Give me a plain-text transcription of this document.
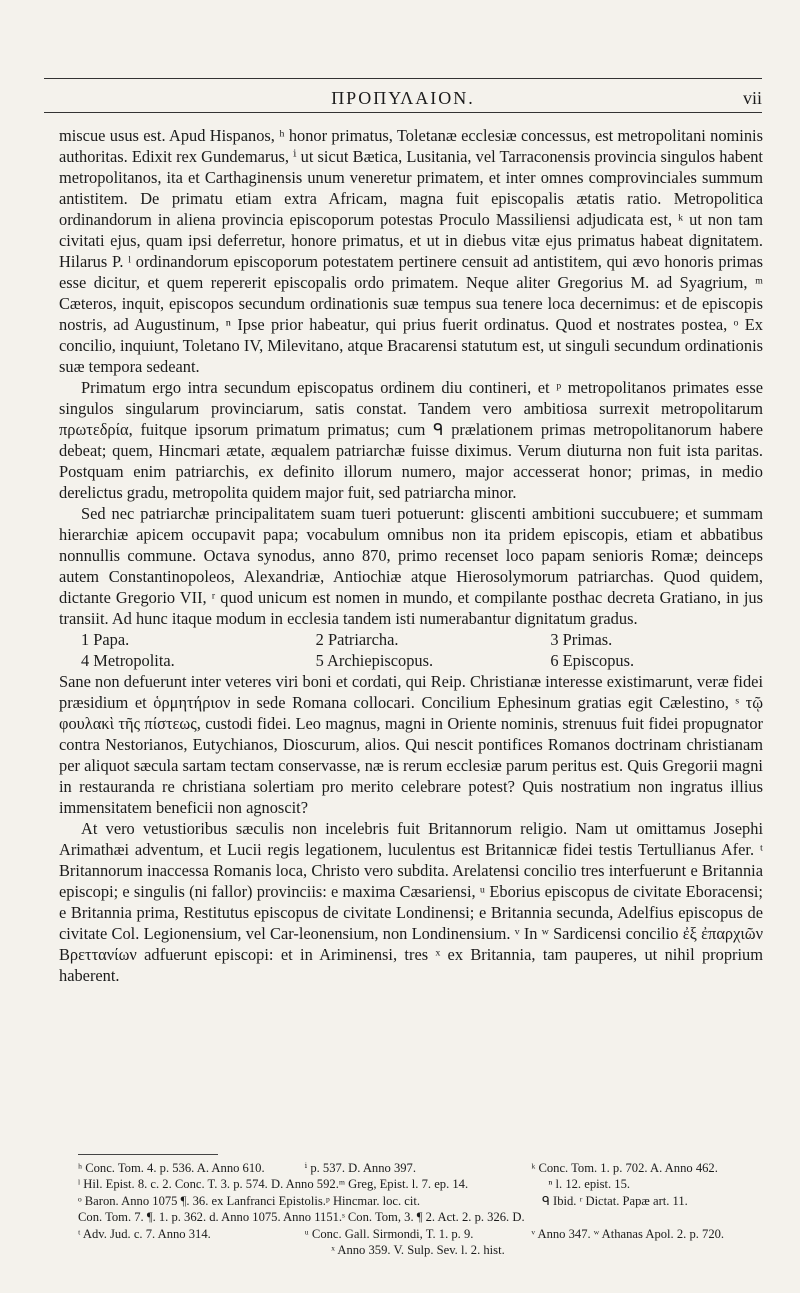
ΠΡΟΠΥΛΑΙΟΝ.	vii

miscue usus est. Apud Hispanos, ʰ honor primatus, Toletanæ ecclesiæ concessus, est metropolitani nominis authoritas. Edixit rex Gundemarus, ⁱ ut sicut Bætica, Lusitania, vel Tarraconensis provincia singulos habent metropolitanos, ita et Carthaginensis unum veneretur primatem, et inter omnes comprovinciales summum antistitem. De primatu etiam extra Africam, magna fuit episcopalis ætatis ratio. Metropolitica ordinandorum in aliena provincia episcoporum potestas Proculo Massiliensi adjudicata est, ᵏ ut non tam civitati ejus, quam ipsi deferretur, honore primatus, et ut in diebus vitæ ejus primatus habeat dignitatem. Hilarus P. ˡ ordinandorum episcoporum potestatem pertinere censuit ad antistitem, qui ævo honoris primas esse dicitur, et quem repererit episcopalis ordo primatem. Neque aliter Gregorius M. ad Syagrium, ᵐ Cæteros, inquit, episcopos secundum ordinationis suæ tempus sua tenere loca decernimus: et de episcopis nostris, ad Augustinum, ⁿ Ipse prior habeatur, qui prius fuerit ordinatus. Quod et nostrates postea, ᵒ Ex concilio, inquiunt, Toletano IV, Milevitano, atque Bracarensi statutum est, ut singuli secundum ordinationis suæ tempora sedeant.

Primatum ergo intra secundum episcopatus ordinem diu contineri, et ᵖ metropolitanos primates esse singulos singularum provinciarum, satis constat. Tandem vero ambitiosa surrexit metropolitarum πρωτεδρία, fuitque ipsorum primatum primatus; cum ᑫ prælationem primas metropolitanorum habere debeat; quem, Hincmari ætate, æqualem patriarchæ fuisse diximus. Verum diuturna non fuit ista paritas. Postquam enim patriarchis, ex definito illorum numero, major accesserat honor; primas, in medio derelictus gradu, metropolita quidem major fuit, sed patriarcha minor.

Sed nec patriarchæ principalitatem suam tueri potuerunt: gliscenti ambitioni succubuere; et summam hierarchiæ apicem occupavit papa; vocabulum omnibus non ita pridem episcopis, etiam et abbatibus nonnullis commune. Octava synodus, anno 870, primo recenset loco papam senioris Romæ; deinceps autem Constantinopoleos, Alexandriæ, Antiochiæ atque Hierosolymorum patriarchas. Quod quidem, dictante Gregorio VII, ʳ quod unicum est nomen in mundo, et compilante posthac decreta Gratiano, in jus transiit. Ad hunc itaque modum in ecclesia tandem isti numerabantur dignitatum gradus.

1 Papa.	2 Patriarcha.	3 Primas.
4 Metropolita.	5 Archiepiscopus.	6 Episcopus.

Sane non defuerunt inter veteres viri boni et cordati, qui Reip. Christianæ interesse existimarunt, veræ fidei præsidium et ὁρμητήριον in sede Romana collocari. Concilium Ephesinum gratias egit Cælestino, ˢ τῷ φουλακὶ τῆς πίστεως, custodi fidei. Leo magnus, magni in Oriente nominis, strenuus fuit fidei propugnator contra Nestorianos, Eutychianos, Dioscurum, alios. Qui nescit pontifices Romanos doctrinam christianam per aliquot sæcula sartam tectam conservasse, næ is rerum ecclesiæ parum peritus est. Quis Gregorii magni in restauranda re christiana solertiam pro merito celebrare potest? Quis nostratium non ingratus illius immensitatem beneficii non agnoscit?

At vero vetustioribus sæculis non incelebris fuit Britannorum religio. Nam ut omittamus Josephi Arimathæi adventum, et Lucii regis legationem, luculentus est Britannicæ fidei testis Tertullianus Afer. ᵗ Britannorum inaccessa Romanis loca, Christo vero subdita. Arelatensi concilio tres interfuerunt e Britannia episcopi; e singulis (ni fallor) provinciis: e maxima Cæsariensi, ᵘ Eborius episcopus de civitate Eboracensi; e Britannia prima, Restitutus episcopus de civitate Londinensi; e Britannia secunda, Adelfius episcopus de civitate Col. Legionensium, vel Car-leonensium, non Londinensium. ᵛ In ʷ Sardicensi concilio ἐξ ἐπαρχιῶν Βρεττανίων adfuerunt episcopi: et in Ariminensi, tres ˣ ex Britannia, tam pauperes, ut nihil proprium haberent.

ʰ Conc. Tom. 4. p. 536. A. Anno 610.	ⁱ p. 537. D. Anno 397.	ᵏ Conc. Tom. 1. p. 702. A. Anno 462.
ˡ Hil. Epist. 8. c. 2. Conc. T. 3. p. 574. D. Anno 592. ᵐ Greg, Epist. l. 7. ep. 14.	ⁿ l. 12. epist. 15.
ᵒ Baron. Anno 1075 ¶. 36. ex Lanfranci Epistolis. ᵖ Hincmar. loc. cit.	ᑫ Ibid. ʳ Dictat. Papæ art. 11.
Con. Tom. 7. ¶. 1. p. 362. d. Anno 1075. Anno 1151. ˢ Con. Tom, 3. ¶ 2. Act. 2. p. 326. D.
ᵗ Adv. Jud. c. 7. Anno 314.	ᵘ Conc. Gall. Sirmondi, T. 1. p. 9.	ᵛ Anno 347. ʷ Athanas Apol. 2. p. 720.
ˣ Anno 359. V. Sulp. Sev. l. 2. hist.
